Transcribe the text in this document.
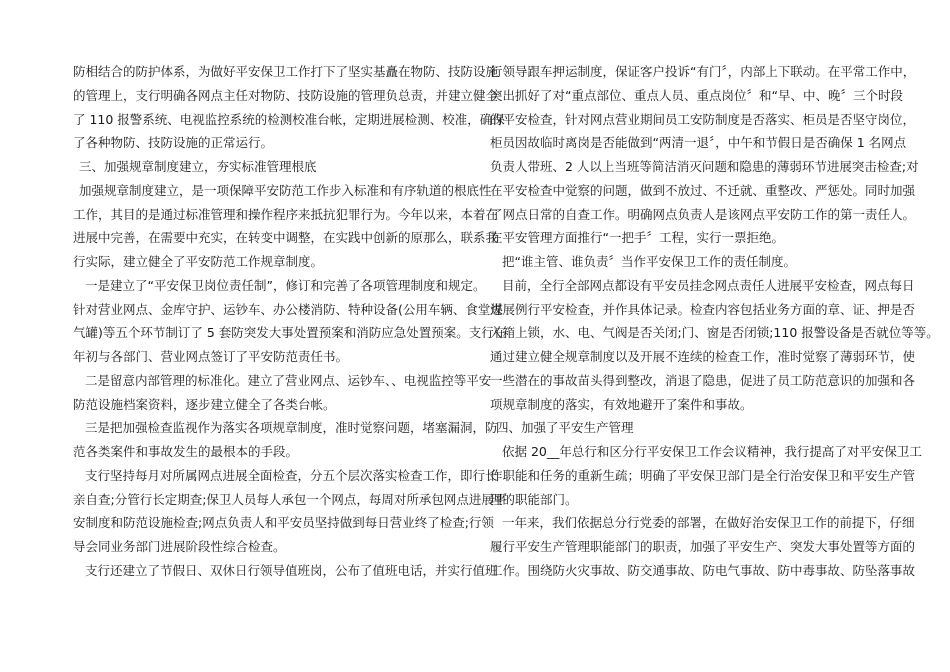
防相结合的防护体系，为做好平安保卫工作打下了坚实基矗在物防、技防设施
的管理上，支行明确各网点主任对物防、技防设施的管理负总责，并建立健全
了 110 报警系统、电视监控系统的检测校准台帐，定期进展检测、校准，确保
了各种物防、技防设施的正常运行。
三、加强规章制度建立，夯实标准管理根底
加强规章制度建立，是一项保障平安防范工作步入标准和有序轨道的根底性
工作，其目的是通过标准管理和操作程序来抵抗犯罪行为。今年以来，本着在
进展中完善，在需要中充实，在转变中调整，在实践中创新的原那么，联系我
行实际，建立健全了平安防范工作规章制度。
一是建立了“平安保卫岗位责任制”，修订和完善了各项管理制度和规定。
针对营业网点、金库守护、运钞车、办公楼消防、特种设备(公用车辆、食堂煤
气罐)等五个环节制订了 5 套防突发大事处置预案和消防应急处置预案。支行在
年初与各部门、营业网点签订了平安防范责任书。
二是留意内部管理的标准化。建立了营业网点、运钞车、、电视监控等平安
防范设施档案资料，逐步建立健全了各类台帐。
三是把加强检查监视作为落实各项规章制度，准时觉察问题，堵塞漏洞，防
范各类案件和事故发生的最根本的手段。
支行坚持每月对所属网点进展全面检查，分五个层次落实检查工作，即行长
亲自查;分管行长定期查;保卫人员每人承包一个网点，每周对所承包网点进展平
安制度和防范设施检查;网点负责人和平安员坚持做到每日营业终了检查;行领
导会同业务部门进展阶段性综合检查。
支行还建立了节假日、双休日行领导值班岗，公布了值班电话，并实行值班
行领导跟车押运制度，保证客户投诉“有门〞，内部上下联动。在平常工作中，
突出抓好了对“重点部位、重点人员、重点岗位〞和“早、中、晚〞三个时段
的平安检查，针对网点营业期间员工安防制度是否落实、柜员是否坚守岗位，
柜员因故临时离岗是否能做到“两清一退〞，中午和节假日是否确保 1 名网点
负责人带班、2 人以上当班等简洁消灭问题和隐患的薄弱环节进展突击检查;对
在平安检查中觉察的问题，做到不放过、不迁就、重整改、严惩处。同时加强
了网点日常的自查工作。明确网点负责人是该网点平安防工作的第一责任人。
在平安管理方面推行“一把手〞工程，实行一票拒绝。
把“谁主管、谁负责〞当作平安保卫工作的责任制度。
目前，全行全部网点都设有平安员挂念网点责任人进展平安检查，网点每日
进展例行平安检查，并作具体记录。检查内容包括业务方面的章、证、押是否
入箱上锁，水、电、气阀是否关闭;门、窗是否闭锁;110 报警设备是否就位等等。
通过建立健全规章制度以及开展不连续的检查工作，准时觉察了薄弱环节，使
一些潜在的事故苗头得到整改，消退了隐患，促进了员工防范意识的加强和各
项规章制度的落实，有效地避开了案件和事故。
四、加强了平安生产管理
依据 20__年总行和区分行平安保卫工作会议精神，我行提高了对平安保卫工
作职能和任务的重新生疏；明确了平安保卫部门是全行治安保卫和平安生产管
理的职能部门。
一年来，我们依据总分行党委的部署，在做好治安保卫工作的前提下，仔细
履行平安生产管理职能部门的职责，加强了平安生产、突发大事处置等方面的
工作。围绕防火灾事故、防交通事故、防电气事故、防中毒事故、防坠落事故
